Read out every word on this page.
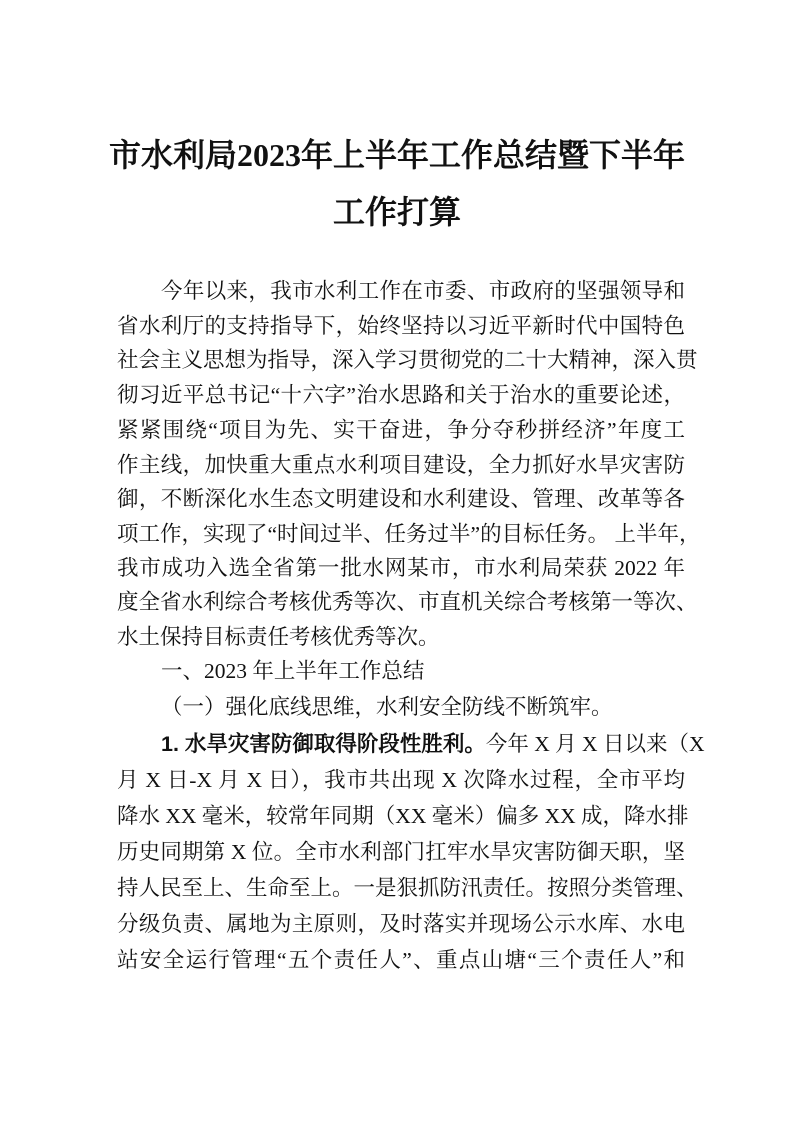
市水利局2023年上半年工作总结暨下半年
工作打算
今年以来，我市水利工作在市委、市政府的坚强领导和
省水利厅的支持指导下，始终坚持以习近平新时代中国特色
社会主义思想为指导，深入学习贯彻党的二十大精神，深入贯
彻习近平总书记“十六字”治水思路和关于治水的重要论述，
紧紧围绕“项目为先、实干奋进，争分夺秒拼经济”年度工
作主线，加快重大重点水利项目建设，全力抓好水旱灾害防
御，不断深化水生态文明建设和水利建设、管理、改革等各
项工作，实现了“时间过半、任务过半”的目标任务。 上半年，
我市成功入选全省第一批水网某市，市水利局荣获 2022 年
度全省水利综合考核优秀等次、市直机关综合考核第一等次、
水土保持目标责任考核优秀等次。
一、2023 年上半年工作总结
（一）强化底线思维，水利安全防线不断筑牢。
1. 水旱灾害防御取得阶段性胜利。今年 X 月 X 日以来（X
月 X 日-X 月 X 日），我市共出现 X 次降水过程，全市平均
降水 XX 毫米，较常年同期（XX 毫米）偏多 XX 成，降水排
历史同期第 X 位。全市水利部门扛牢水旱灾害防御天职，坚
持人民至上、生命至上。一是狠抓防汛责任。按照分类管理、
分级负责、属地为主原则，及时落实并现场公示水库、水电
站安全运行管理“五个责任人”、重点山塘“三个责任人”和
